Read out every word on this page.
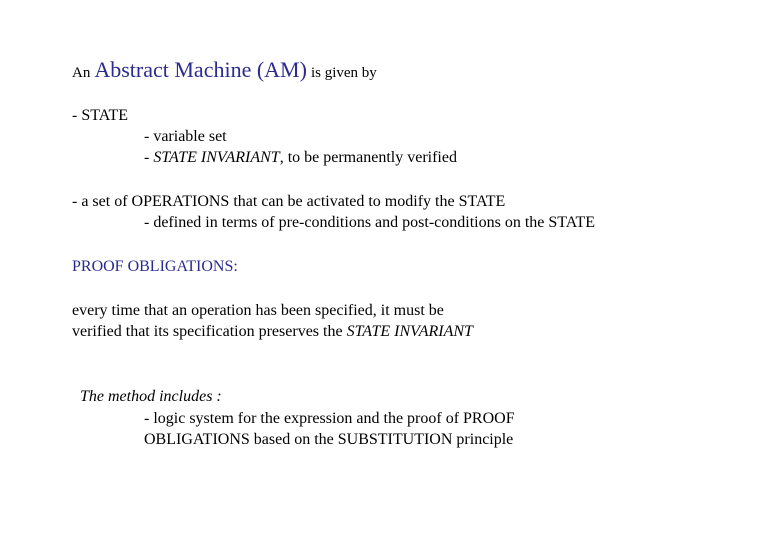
An Abstract Machine (AM) is given by
- STATE
- variable set
- STATE INVARIANT, to be permanently verified
- a set of OPERATIONS that can be activated to modify the STATE
- defined in terms of pre-conditions and post-conditions on the STATE
PROOF OBLIGATIONS:
every time that an operation has been specified, it must be
verified that its specification preserves the STATE INVARIANT
The method includes :
- logic system for the expression and the proof of PROOF
OBLIGATIONS based on the SUBSTITUTION principle
